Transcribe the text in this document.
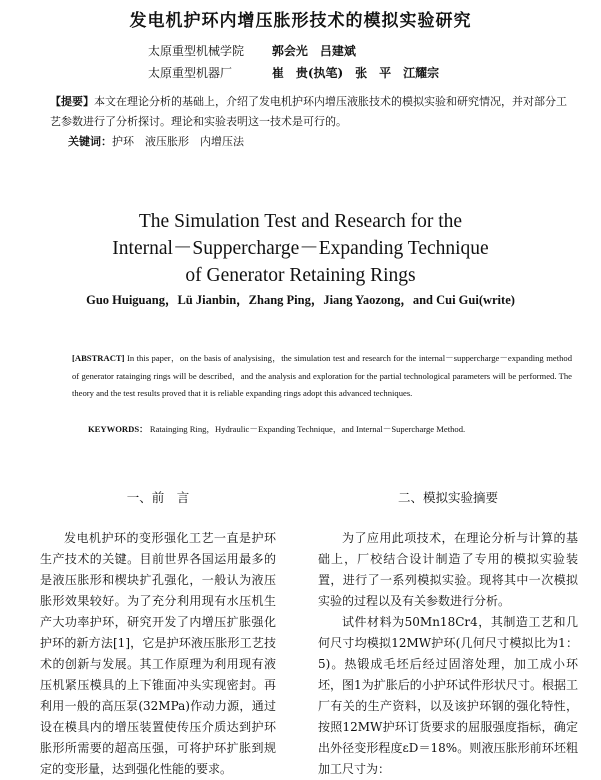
发电机护环内增压胀形技术的模拟实验研究
太原重型机械学院 郭会光　吕建斌
太原重型机器厂	崔　贵(执笔)　张　平　江耀宗
【提要】本文在理论分析的基础上，介绍了发电机护环内增压液胀技术的模拟实验和研究情况，并对部分工艺参数进行了分析探讨。理论和实验表明这一技术是可行的。
关键词：护环　液压胀形　内增压法
The Simulation Test and Research for the
Internal－Suppercharge－Expanding Technique
of Generator Retaining Rings
Guo Huiguang，Lü Jianbin，Zhang Ping，Jiang Yaozong，and Cui Gui(write)
[ABSTRACT] In this paper，on the basis of analysising，the simulation test and research for the internal－suppercharge－expanding method of generator ratainging rings will be described，and the analysis and exploration for the partial technological parameters will be performed. The theory and the test results proved that it is reliable expanding rings adopt this advanced techniques.
KEYWORDS： Ratainging Ring，Hydraulic－Expanding Technique，and Internal－Supercharge Method.
一、前　言	二、模拟实验摘要

发电机护环的变形强化工艺一直是护环生产技术的关键。目前世界各国运用最多的是液压胀形和楔块扩孔强化，一般认为液压胀形效果较好。为了充分利用现有水压机生产大功率护环，研究开发了内增压扩胀强化护环的新方法[1]，它是护环液压胀形工艺技术的创新与发展。其工作原理为利用现有液压机紧压模具的上下锥面冲头实现密封。再利用一般的高压泵(32MPa)作动力源，通过设在模具内的增压装置使传压介质达到护环胀形所需要的超高压强，可将护环扩胀到规定的变形量，达到强化性能的要求。

为了应用此项技术，在理论分析与计算的基础上，厂校结合设计制造了专用的模拟实验装置，进行了一系列模拟实验。现将其中一次模拟实验的过程以及有关参数进行分析。

试件材料为50Mn18Cr4，其制造工艺和几何尺寸均模拟12MW护环(几何尺寸模拟比为1：5)。热锻成毛坯后经过固溶处理，加工成小环坯，图1为扩胀后的小护环试件形状尺寸。根据工厂有关的生产资料，以及该护环钢的强化特性，按照12MW护环订货要求的屈服强度指标，确定出外径变形程度εD＝18%。则液压胀形前环坯粗加工尺寸为：
